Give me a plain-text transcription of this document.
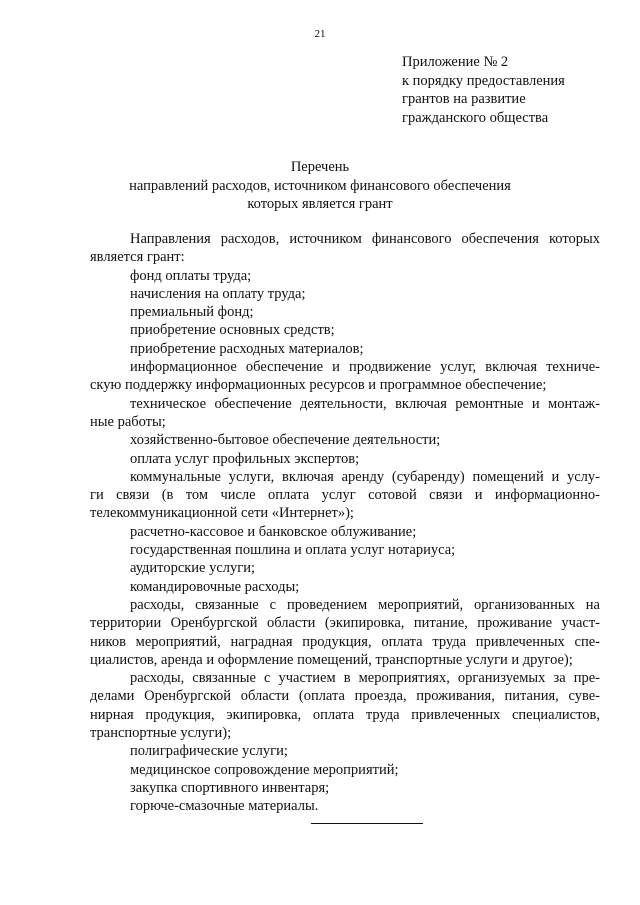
21
Приложение № 2
к порядку предоставления
грантов на развитие
гражданского общества
Перечень
направлений расходов, источником финансового обеспечения
которых является грант
Направления расходов, источником финансового обеспечения которых
является грант:
фонд оплаты труда;
начисления на оплату труда;
премиальный фонд;
приобретение основных средств;
приобретение расходных материалов;
информационное обеспечение и продвижение услуг, включая техниче-
скую поддержку информационных ресурсов и программное обеспечение;
техническое обеспечение деятельности, включая ремонтные и монтаж-
ные работы;
хозяйственно-бытовое обеспечение деятельности;
оплата услуг профильных экспертов;
коммунальные услуги, включая аренду (субаренду) помещений и услу-
ги связи (в том числе оплата услуг сотовой связи и информационно-
телекоммуникационной сети «Интернет»);
расчетно-кассовое и банковское облуживание;
государственная пошлина и оплата услуг нотариуса;
аудиторские услуги;
командировочные расходы;
расходы, связанные с проведением мероприятий, организованных на
территории Оренбургской области (экипировка, питание, проживание участ-
ников мероприятий, наградная продукция, оплата труда привлеченных спе-
циалистов, аренда и оформление помещений, транспортные услуги и другое);
расходы, связанные с участием в мероприятиях, организуемых за пре-
делами Оренбургской области (оплата проезда, проживания, питания, суве-
нирная продукция, экипировка, оплата труда привлеченных специалистов,
транспортные услуги);
полиграфические услуги;
медицинское сопровождение мероприятий;
закупка спортивного инвентаря;
горюче-смазочные материалы.
